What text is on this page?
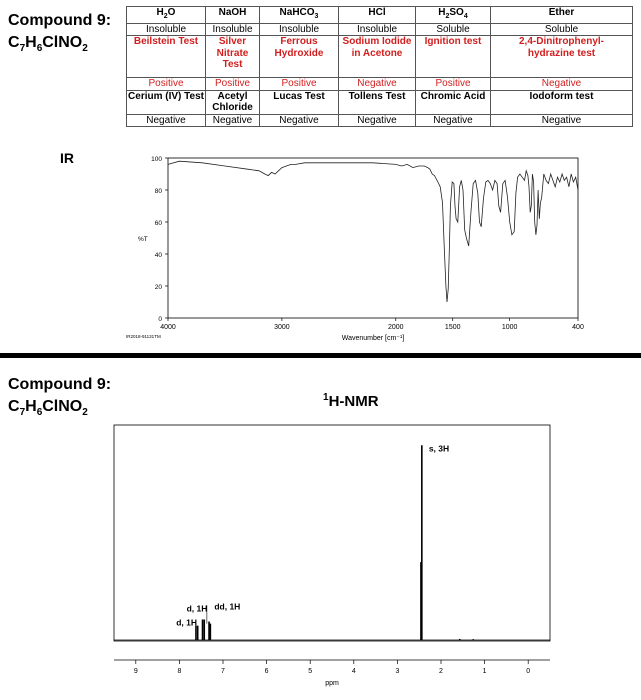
Compound 9:
$C_7H_6ClNO_2$
$H_2O$	NaOH	NaHCO$_3$	HCl	$H_2SO_4$	Ether
Insoluble	Insoluble	Insoluble	Insoluble	Soluble	Soluble
Beilstein Test	Silver Nitrate Test	Ferrous Hydroxide	Sodium Iodide in Acetone	Ignition test	2,4-Dinitrophenyl-hydrazine test
Positive	Positive	Positive	Negative	Positive	Negative
Cerium (IV) Test	Acetyl Chloride	Lucas Test	Tollens Test	Chromic Acid	Iodoform test
Negative	Negative	Negative	Negative	Negative	Negative
IR
0
20
40
60
80
100
4000	3000	2000	1500	1000	400
%T
Wavenumber [cm⁻¹]
IR2018-91131TM
Compound 9:
$C_7H_6ClNO_2$
$^1$H-NMR
9	8	7	6	5	4	3	2	1	0
ppm
d, 1H
d, 1H dd, 1H
s, 3H
